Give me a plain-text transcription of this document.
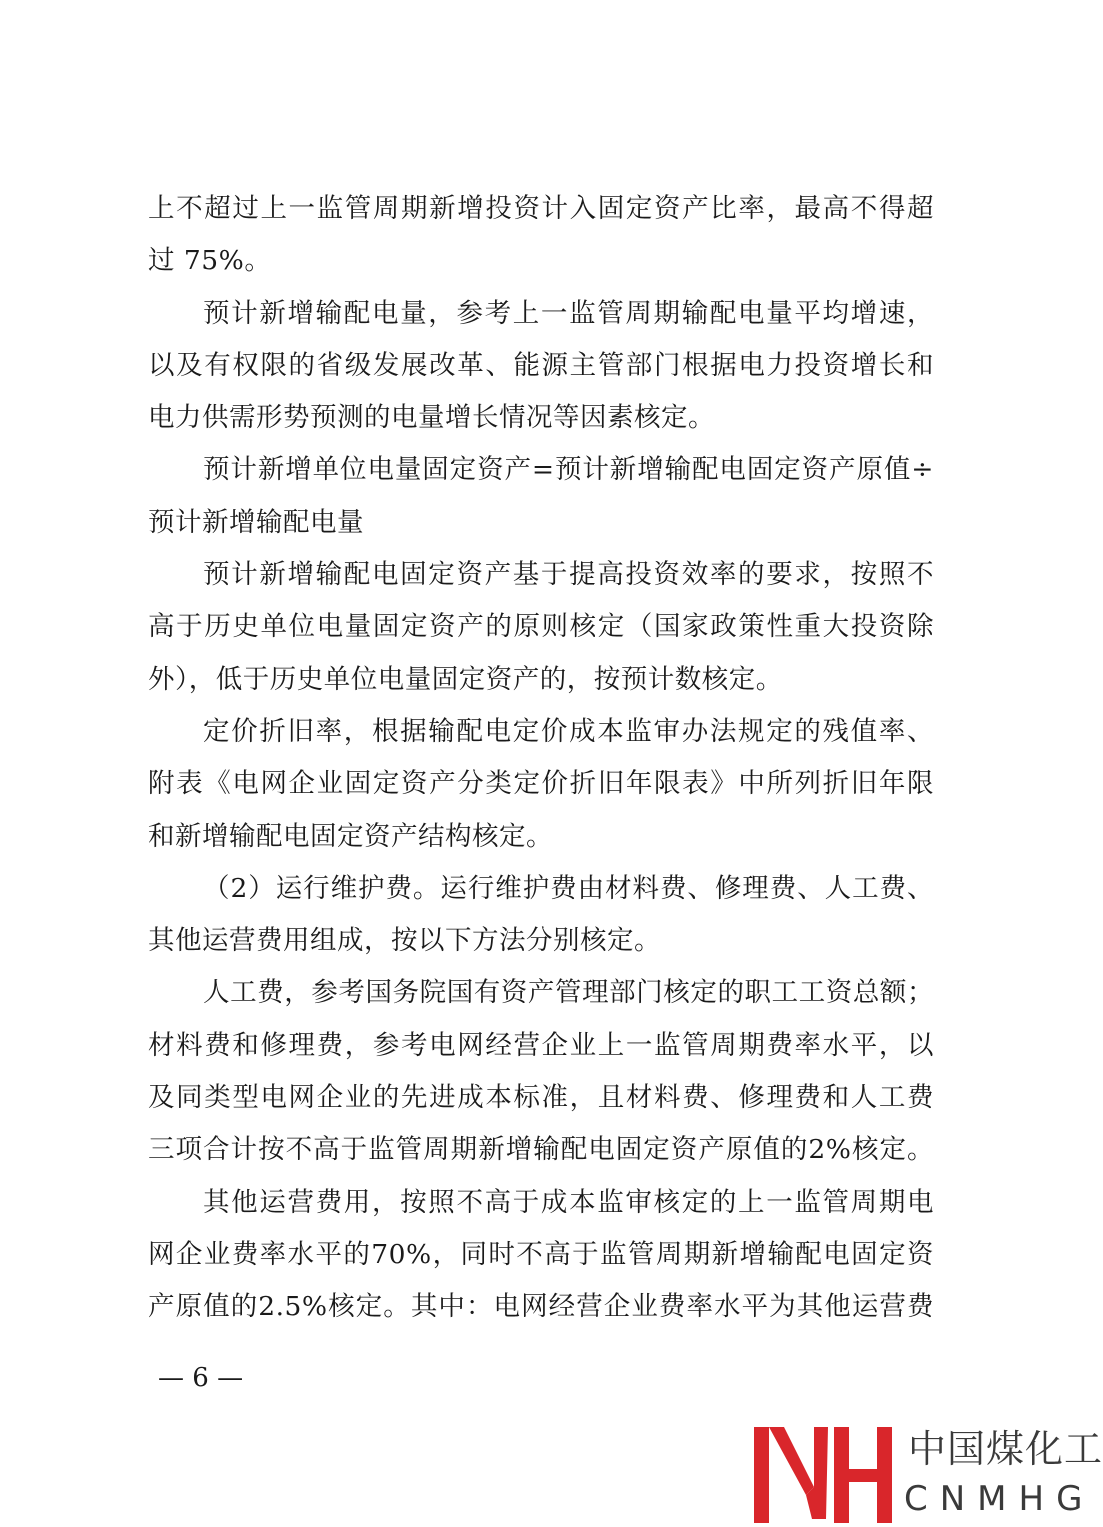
上不超过上一监管周期新增投资计入固定资产比率，最高不得超
过 75%。
预计新增输配电量，参考上一监管周期输配电量平均增速，
以及有权限的省级发展改革、能源主管部门根据电力投资增长和
电力供需形势预测的电量增长情况等因素核定。
预计新增单位电量固定资产=预计新增输配电固定资产原值÷
预计新增输配电量
预计新增输配电固定资产基于提高投资效率的要求，按照不
高于历史单位电量固定资产的原则核定（国家政策性重大投资除
外），低于历史单位电量固定资产的，按预计数核定。
定价折旧率，根据输配电定价成本监审办法规定的残值率、
附表《电网企业固定资产分类定价折旧年限表》中所列折旧年限
和新增输配电固定资产结构核定。
（2）运行维护费。运行维护费由材料费、修理费、人工费、
其他运营费用组成，按以下方法分别核定。
人工费，参考国务院国有资产管理部门核定的职工工资总额；
材料费和修理费，参考电网经营企业上一监管周期费率水平，以
及同类型电网企业的先进成本标准，且材料费、修理费和人工费
三项合计按不高于监管周期新增输配电固定资产原值的2%核定。
其他运营费用，按照不高于成本监审核定的上一监管周期电
网企业费率水平的70%，同时不高于监管周期新增输配电固定资
产原值的2.5%核定。其中：电网经营企业费率水平为其他运营费
— 6 —
中国煤化工
CNMHG
